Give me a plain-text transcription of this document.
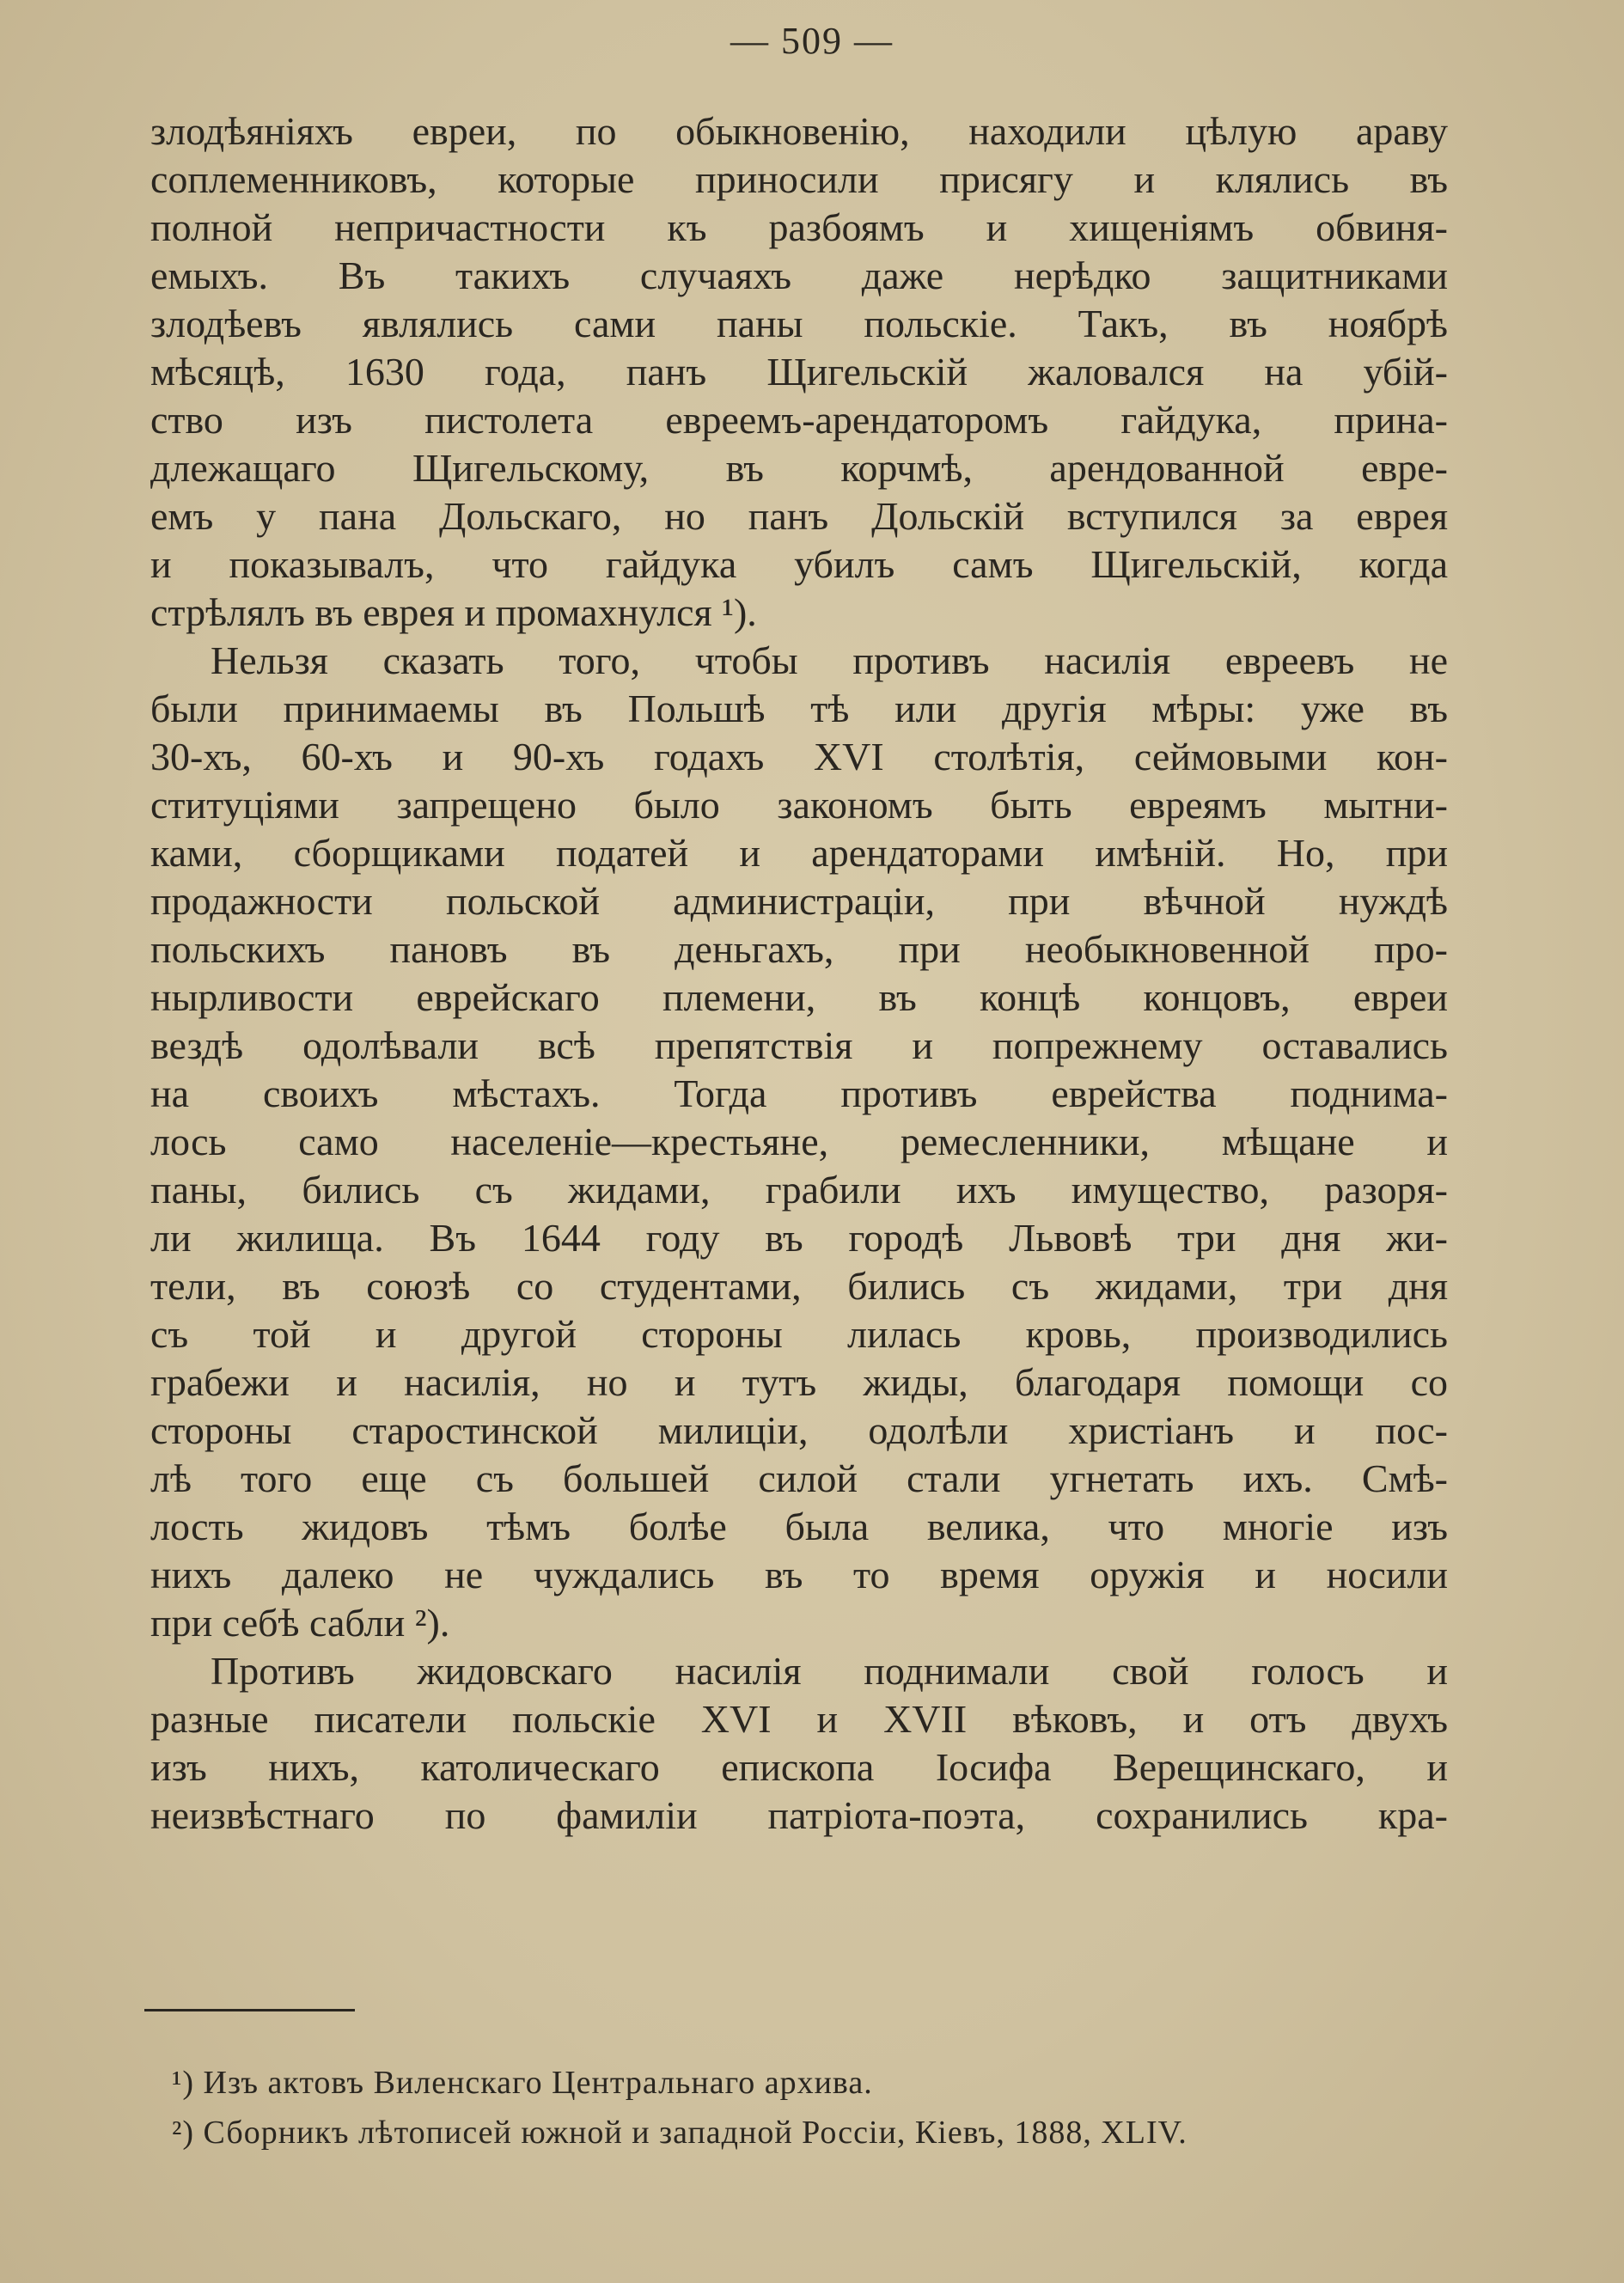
— 509 —
злодѣяніяхъ евреи, по обыкновенію, находили цѣлую араву
соплеменниковъ, которые приносили присягу и клялись въ
полной непричастности къ разбоямъ и хищеніямъ обвиня-
емыхъ. Въ такихъ случаяхъ даже нерѣдко защитниками
злодѣевъ являлись сами паны польскіе. Такъ, въ ноябрѣ
мѣсяцѣ, 1630 года, панъ Щигельскій жаловался на убій-
ство изъ пистолета евреемъ-арендаторомъ гайдука, прина-
длежащаго Щигельскому, въ корчмѣ, арендованной евре-
емъ у пана Дольскаго, но панъ Дольскій вступился за еврея
и показывалъ, что гайдука убилъ самъ Щигельскій, когда
стрѣлялъ въ еврея и промахнулся ¹).
Нельзя сказать того, чтобы противъ насилія евреевъ не
были принимаемы въ Польшѣ тѣ или другія мѣры: уже въ
30-хъ, 60-хъ и 90-хъ годахъ XVI столѣтія, сеймовыми кон-
ституціями запрещено было закономъ быть евреямъ мытни-
ками, сборщиками податей и арендаторами имѣній. Но, при
продажности польской администраціи, при вѣчной нуждѣ
польскихъ пановъ въ деньгахъ, при необыкновенной про-
нырливости еврейскаго племени, въ концѣ концовъ, евреи
вездѣ одолѣвали всѣ препятствія и попрежнему оставались
на своихъ мѣстахъ. Тогда противъ еврейства поднима-
лось само населеніе—крестьяне, ремесленники, мѣщане и
паны, бились съ жидами, грабили ихъ имущество, разоря-
ли жилища. Въ 1644 году въ городѣ Львовѣ три дня жи-
тели, въ союзѣ со студентами, бились съ жидами, три дня
съ той и другой стороны лилась кровь, производились
грабежи и насилія, но и тутъ жиды, благодаря помощи со
стороны старостинской милиціи, одолѣли христіанъ и пос-
лѣ того еще съ большей силой стали угнетать ихъ. Смѣ-
лость жидовъ тѣмъ болѣе была велика, что многіе изъ
нихъ далеко не чуждались въ то время оружія и носили
при себѣ сабли ²).
Противъ жидовскаго насилія поднимали свой голосъ и
разные писатели польскіе XVI и XVII вѣковъ, и отъ двухъ
изъ нихъ, католическаго епископа Іосифа Верещинскаго, и
неизвѣстнаго по фамиліи патріота-поэта, сохранились кра-
¹) Изъ актовъ Виленскаго Центральнаго архива.
²) Сборникъ лѣтописей южной и западной Россіи, Кіевъ, 1888, XLIV.
